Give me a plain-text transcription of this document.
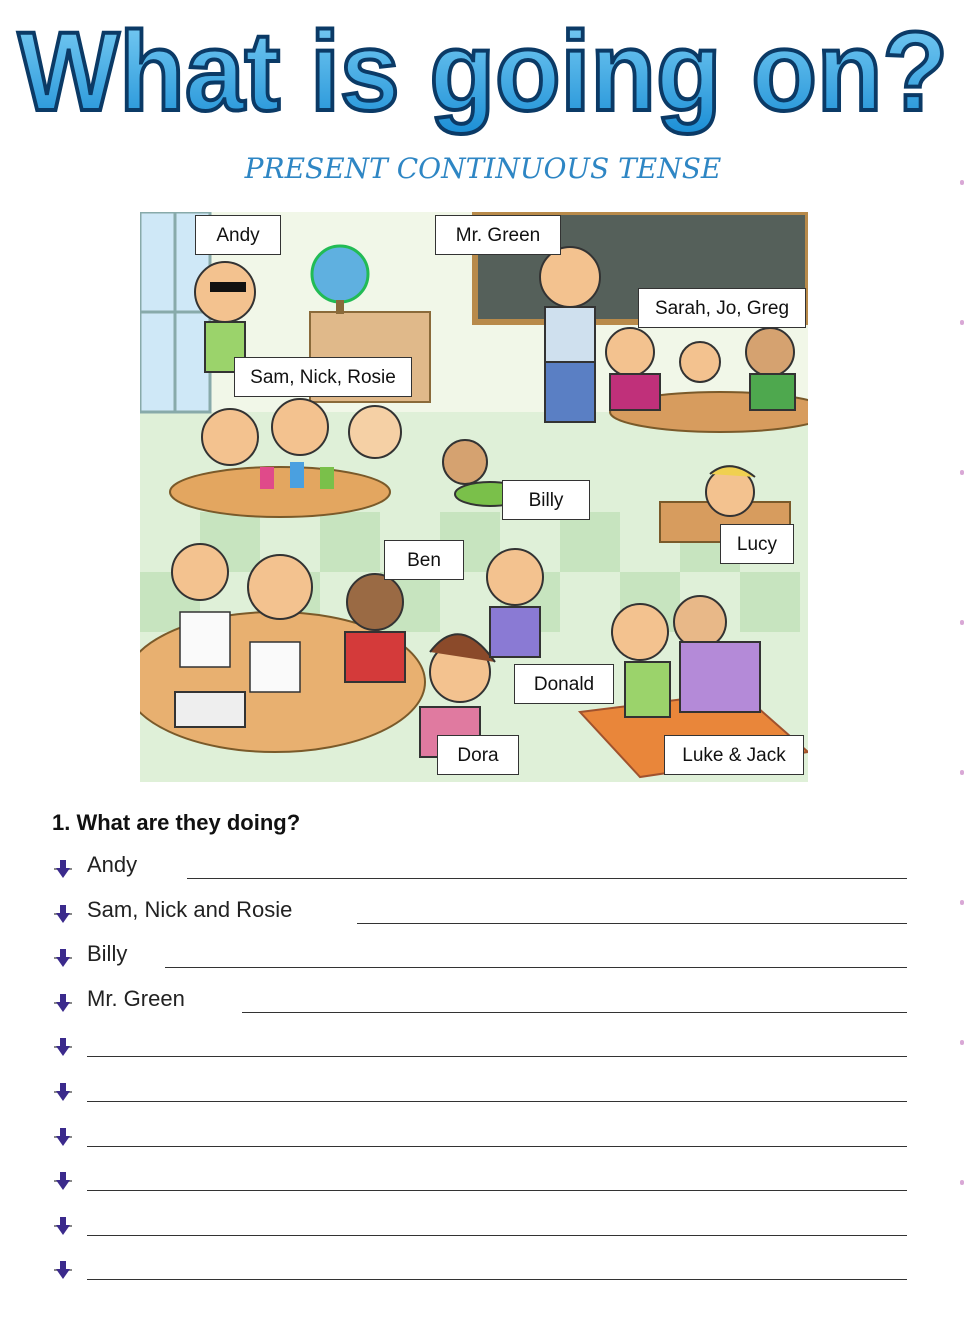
What is going on?
PRESENT CONTINUOUS TENSE
Andy	Mr. Green
Sarah, Jo, Greg
Sam, Nick, Rosie
Billy
Lucy
Ben
Donald
Dora	Luke & Jack
1. What are they doing?
Andy
Sam, Nick and Rosie
Billy
Mr. Green
